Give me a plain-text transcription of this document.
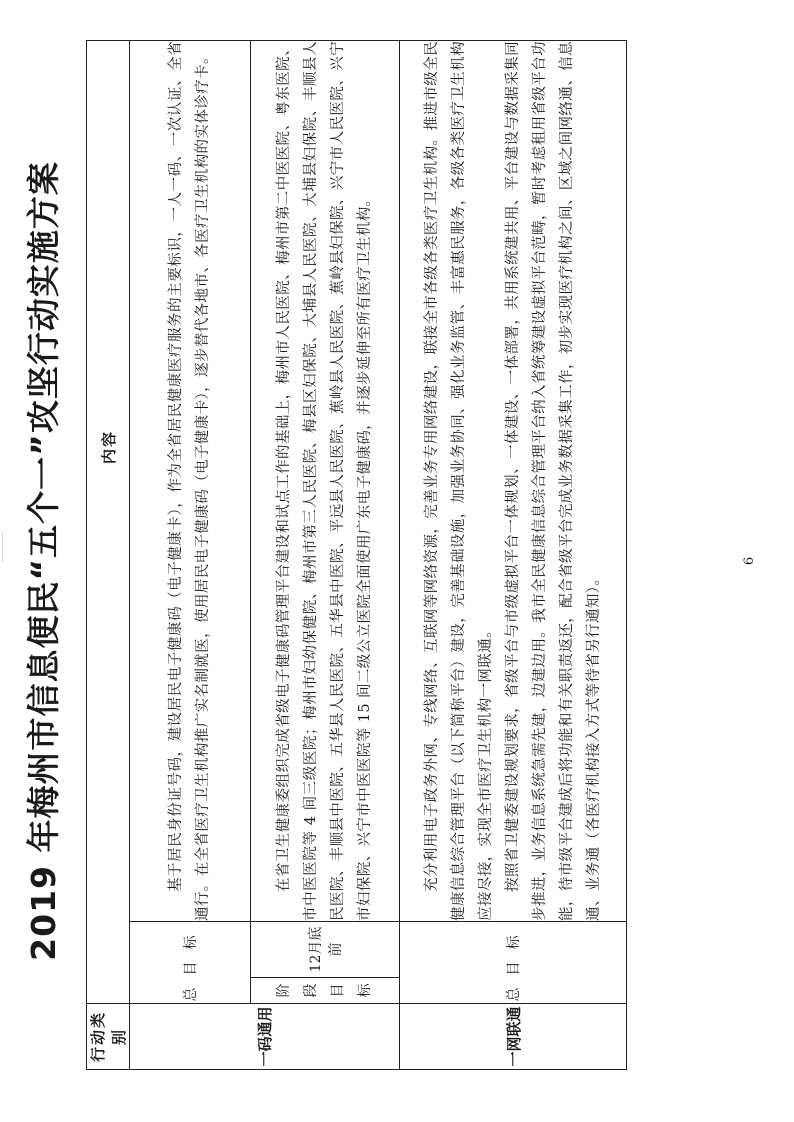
2019 年梅州市信息便民“五个一”攻坚行动实施方案
行动类别	内容		
一码通用	总目标		基于居民身份证号码，建设居民电子健康码（电子健康卡），作为全省居民健康医疗服务的主要标识，一人一码、一次认证、全省通行。在全省医疗卫生机构推广实名制就医，使用居民电子健康码（电子健康卡），逐步替代各地市、各医疗卫生机构的实体诊疗卡。

	阶段目标	12月底前	在省卫生健康委组织完成省级电子健康码管理平台建设和试点工作的基础上，梅州市人民医院、梅州市第二中医医院、粤东医院、市中医医院等 4 间三级医院；梅州市妇幼保健院、梅州市第三人民医院、梅县区妇保院、大埔县人民医院、大埔县妇保院、丰顺县人民医院、丰顺县中医院、五华县人民医院、五华县中医院、平远县人民医院、蕉岭县人民医院、蕉岭县妇保院、兴宁市人民医院、兴宁市妇保院、兴宁市中医医院等 15 间二级公立医院全面使用广东电子健康码，并逐步延伸至所有医疗卫生机构。

一网联通	总目标		充分利用电子政务外网、专线网络、互联网等网络资源，完善业务专用网络建设，联接全市各级各类医疗卫生机构。推进市级全民健康信息综合管理平台（以下简称平台）建设，完善基础设施，加强业务协同、强化业务监管、丰富惠民服务，各级各类医疗卫生机构应接尽接，实现全市医疗卫生机构一网联通。 按照省卫健委建设规划要求，省级平台与市级虚拟平台一体规划、一体建设、一体部署，共用系统建共用、平台建设与数据采集同步推进，业务信息系统急需先建，边建边用。我市全民健康信息综合管理平台纳入省统筹建设虚拟平台范畴，暂时考虑租用省级平台功能，待市级平台建成后将功能和有关职责返还，配合省级平台完成业务数据采集工作，初步实现医疗机构之间、区域之间网络通、信息通、业务通（各医疗机构接入方式等待省另行通知）。

6
